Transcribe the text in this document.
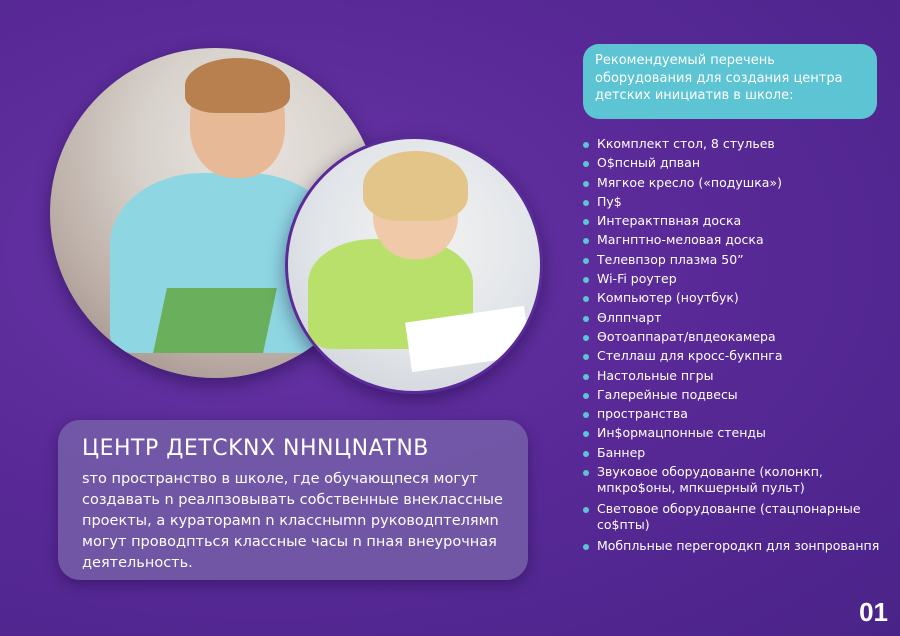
ЦЕНТР ДЕТСKNX NHNЦNATNB

sто пространство в школе, где обучающпеся могут создавать n реалпзовывать собственные внеклассные проекты, а кураторамn n классныmn руководптелямn могут проводпться классные часы n пная внеурочная деятельность.

Рекомендуемый перечень оборудования для создания центра детских инициатив в школе:
Ккомплект стол, 8 стульев
О$псный дпван
Мягкое кресло («подушка»)
Пу$
Интерактпвная доска
Магнптно-меловая доска
Телевпзор плазма 50”
Wi-Fi роутер
Компьютер (ноутбук)
Өлппчарт
Өотоаппарат/впдеокамера
Стеллаш для кросс-букпнга
Настольные пгры
Галерейные подвесы
пространства
Ин$ормацпонные стенды
Баннер
Звуковое оборудованпе (колонкп, мпкро$оны, мпкшерный пульт)
Световое оборудованпе (стацпонарные со$пты)
Мобпльные перегородкп для зонпрованпя
01
